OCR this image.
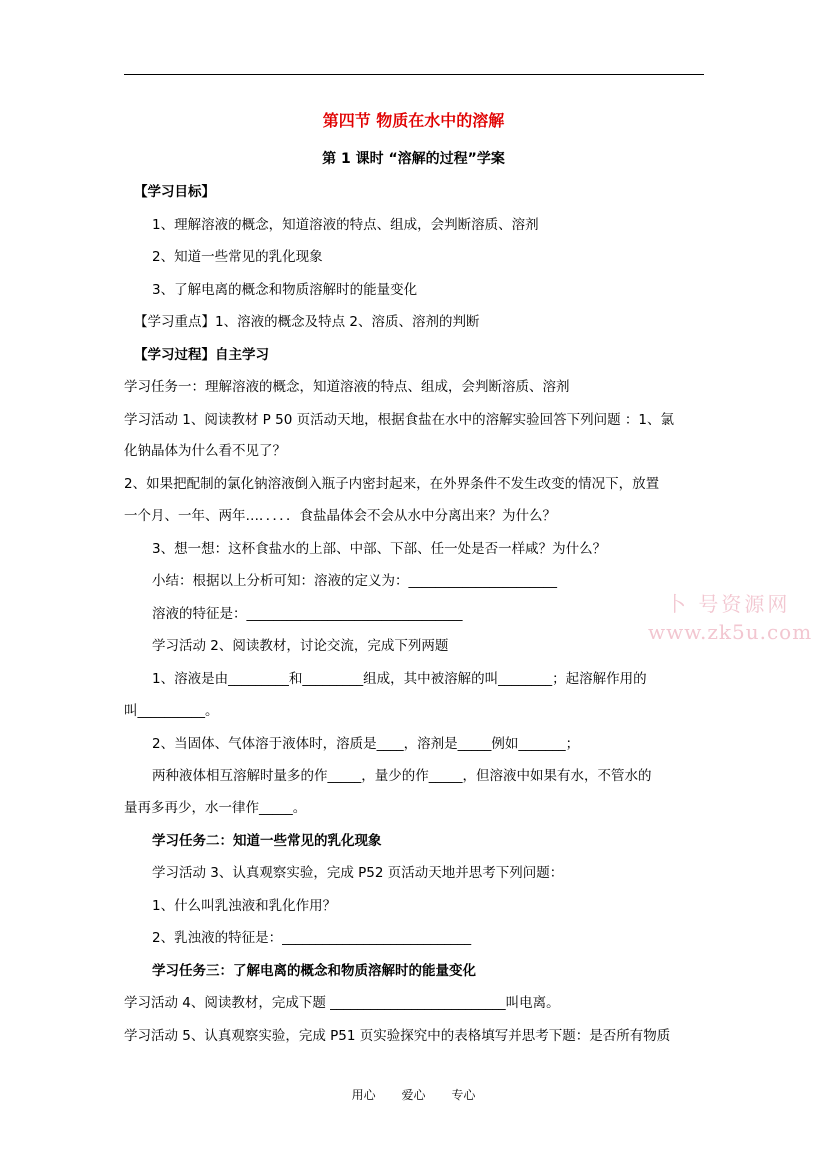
第四节 物质在水中的溶解
第 1 课时 “溶解的过程”学案
【学习目标】
1、理解溶液的概念，知道溶液的特点、组成，会判断溶质、溶剂
2、知道一些常见的乳化现象
3、了解电离的概念和物质溶解时的能量变化
【学习重点】1、溶液的概念及特点 2、溶质、溶剂的判断
【学习过程】自主学习
学习任务一：理解溶液的概念，知道溶液的特点、组成，会判断溶质、溶剂
学习活动 1、阅读教材 P 50 页活动天地，根据食盐在水中的溶解实验回答下列问题 ：1、氯
化钠晶体为什么看不见了？
2、如果把配制的氯化钠溶液倒入瓶子内密封起来，在外界条件不发生改变的情况下，放置
一个月、一年、两年…．．．．．食盐晶体会不会从水中分离出来？为什么？
3、想一想：这杯食盐水的上部、中部、下部、任一处是否一样咸？为什么？
小结：根据以上分析可知：溶液的定义为：______________________
溶液的特征是：________________________________
学习活动 2、阅读教材，讨论交流，完成下列两题
1、溶液是由_________和_________组成，其中被溶解的叫________；起溶解作用的
叫__________。
2、当固体、气体溶于液体时，溶质是____，溶剂是_____例如_______；
两种液体相互溶解时量多的作_____，量少的作_____，但溶液中如果有水，不管水的
量再多再少，水一律作_____。
学习任务二：知道一些常见的乳化现象
学习活动 3、认真观察实验，完成 P52 页活动天地并思考下列问题：
1、什么叫乳浊液和乳化作用？
2、乳浊液的特征是：____________________________
学习任务三：了解电离的概念和物质溶解时的能量变化
学习活动 4、阅读教材，完成下题 __________________________叫电离。
学习活动 5、认真观察实验，完成 P51 页实验探究中的表格填写并思考下题：是否所有物质
卜 号资源网
www.zk5u.com
用心 爱心 专心
